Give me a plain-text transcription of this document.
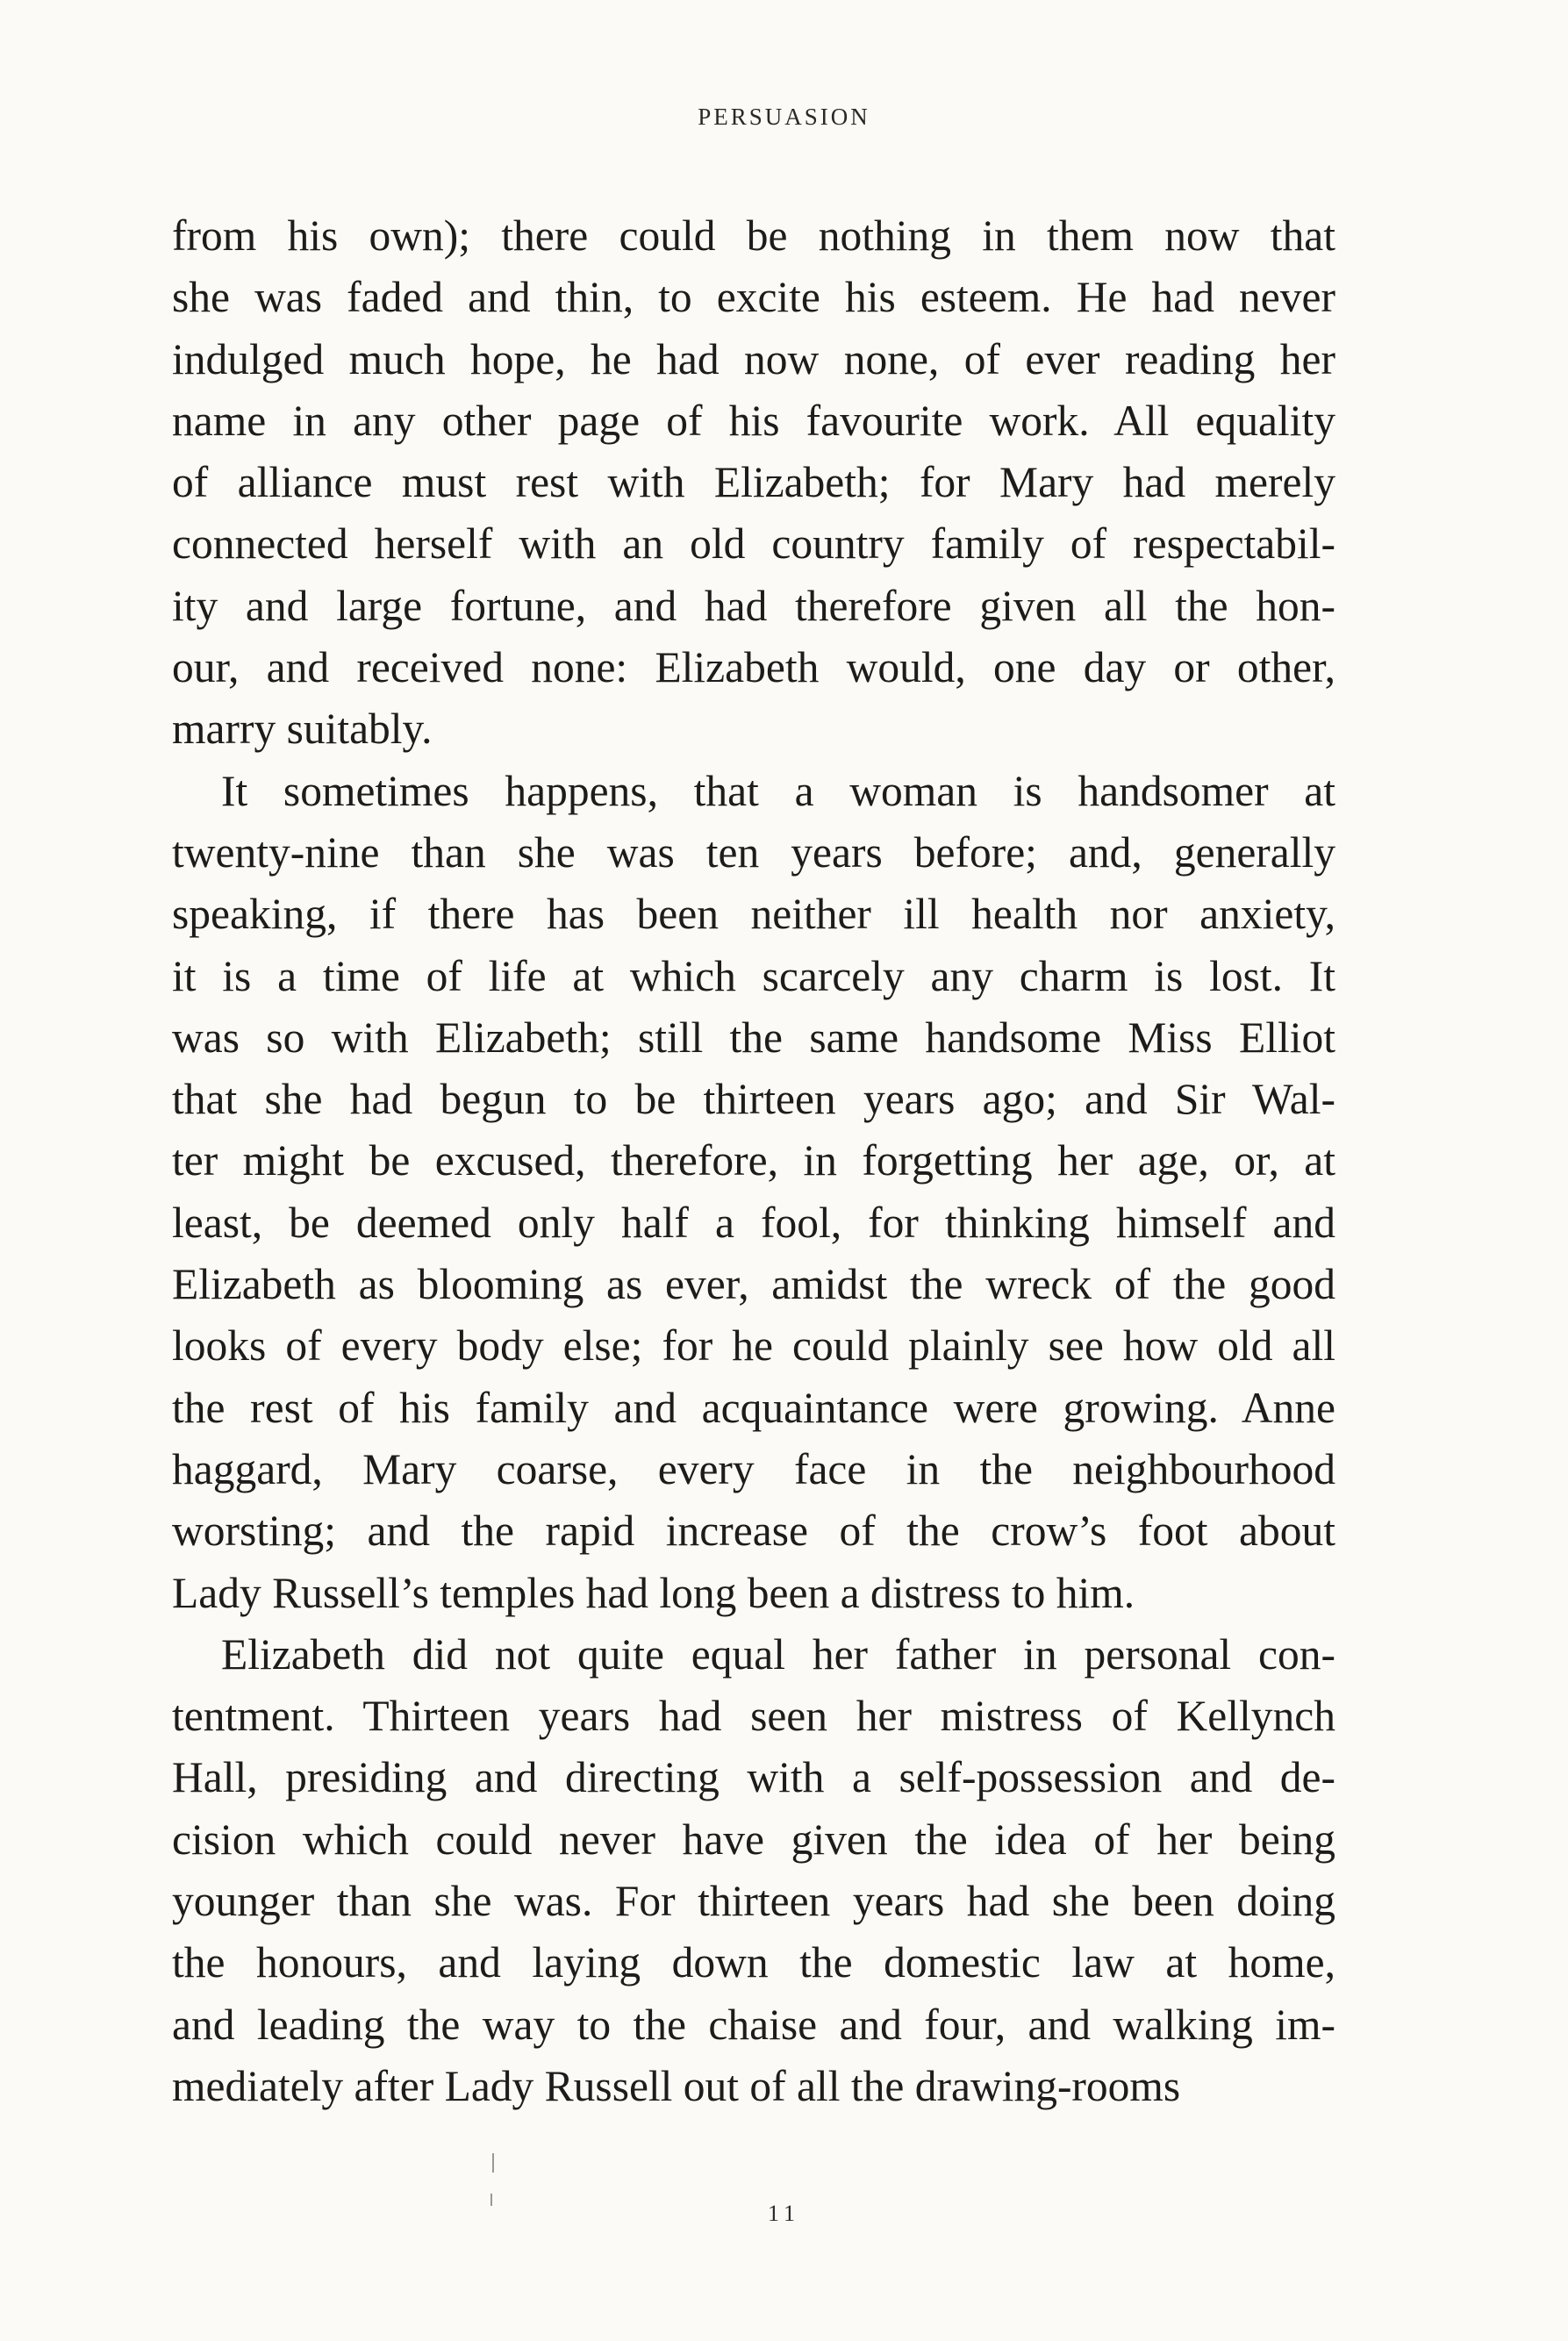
PERSUASION
from his own); there could be nothing in them now that
she was faded and thin, to excite his esteem. He had never
indulged much hope, he had now none, of ever reading her
name in any other page of his favourite work. All equality
of alliance must rest with Elizabeth; for Mary had merely
connected herself with an old country family of respectabil-
ity and large fortune, and had therefore given all the hon-
our, and received none: Elizabeth would, one day or other,
marry suitably.
It sometimes happens, that a woman is handsomer at
twenty-nine than she was ten years before; and, generally
speaking, if there has been neither ill health nor anxiety,
it is a time of life at which scarcely any charm is lost. It
was so with Elizabeth; still the same handsome Miss Elliot
that she had begun to be thirteen years ago; and Sir Wal-
ter might be excused, therefore, in forgetting her age, or, at
least, be deemed only half a fool, for thinking himself and
Elizabeth as blooming as ever, amidst the wreck of the good
looks of every body else; for he could plainly see how old all
the rest of his family and acquaintance were growing. Anne
haggard, Mary coarse, every face in the neighbourhood
worsting; and the rapid increase of the crow’s foot about
Lady Russell’s temples had long been a distress to him.
Elizabeth did not quite equal her father in personal con-
tentment. Thirteen years had seen her mistress of Kellynch
Hall, presiding and directing with a self-possession and de-
cision which could never have given the idea of her being
younger than she was. For thirteen years had she been doing
the honours, and laying down the domestic law at home,
and leading the way to the chaise and four, and walking im-
mediately after Lady Russell out of all the drawing-rooms
11
